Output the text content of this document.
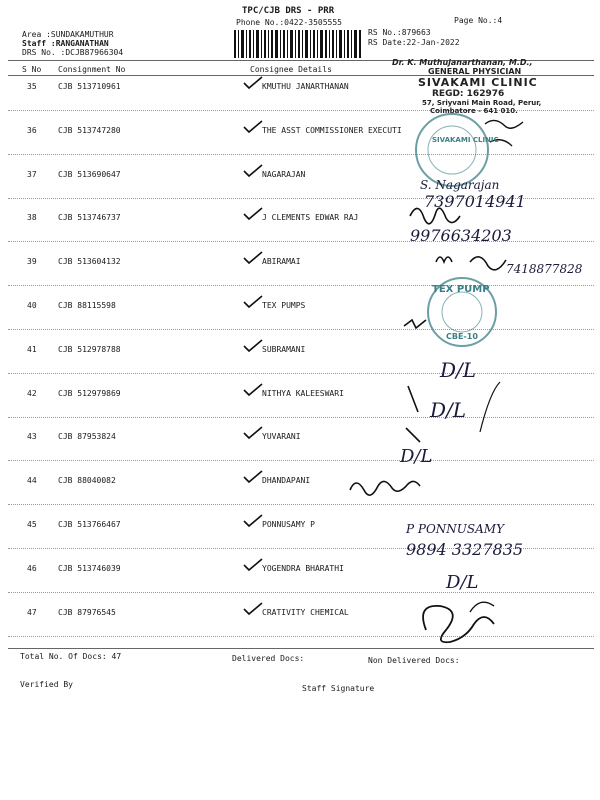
TPC/CJB DRS - PRR
Phone No.:0422-3505555	Page No.:4
Area :SUNDAKAMUTHUR
Staff :RANGANATHAN
DRS No. :DCJB87966304
RS No.:879663
RS Date:22-Jan-2022
S No Consignment No	Consignee Details
35	CJB 513710961	KMUTHU JANARTHANAN
36	CJB 513747280	THE ASST COMMISSIONER EXECUTI
37	CJB 513690647	NAGARAJAN
38	CJB 513746737	J CLEMENTS EDWAR RAJ
39	CJB 513604132	ABIRAMAI
40	CJB 88115598	TEX PUMPS
41	CJB 512978788	SUBRAMANI
42	CJB 512979869	NITHYA KALEESWARI
43	CJB 87953824	YUVARANI
44	CJB 88040082	DHANDAPANI
45	CJB 513766467	PONNUSAMY P
46	CJB 513746039	YOGENDRA BHARATHI
47	CJB 87976545	CRATIVITY CHEMICAL
Total No. Of Docs: 47	Delivered Docs:	Non Delivered Docs:
Verified By	Staff Signature
Dr. K. Muthujanarthanan, M.D.,
GENERAL PHYSICIAN
SIVAKAMI CLINIC
REGD: 162976
57, Sriyvani Main Road, Perur,
Coimbatore - 641 010.
SIVAKAMI CLINIC
TEX PUMP
CBE-10
S. Nagarajan
7397014941
9976634203
7418877828
D/L
D/L
D/L
P PONNUSAMY
9894 3327835
D/L
